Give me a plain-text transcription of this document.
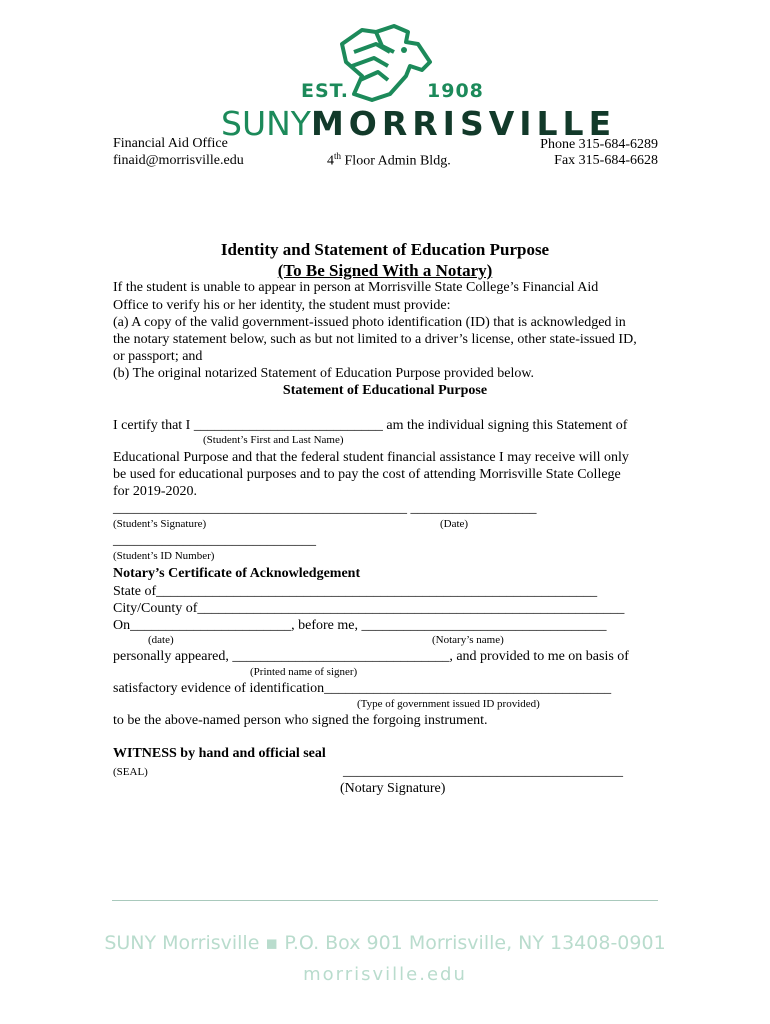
EST.	1908
SUNYMORRISVILLE
Financial Aid Office
finaid@morrisville.edu	4th Floor Admin Bldg.
Phone 315-684-6289
Fax 315-684-6628
Identity and Statement of Education Purpose
(To Be Signed With a Notary)
If the student is unable to appear in person at Morrisville State College’s Financial Aid
Office to verify his or her identity, the student must provide:
(a) A copy of the valid government-issued photo identification (ID) that is acknowledged in
the notary statement below, such as but not limited to a driver’s license, other state-issued ID,
or passport; and
(b) The original notarized Statement of Education Purpose provided below.
Statement of Educational Purpose
I certify that I ___________________________ am the individual signing this Statement of
(Student’s First and Last Name)
Educational Purpose and that the federal student financial assistance I may receive will only
be used for educational purposes and to pay the cost of attending Morrisville State College
for 2019-2020.
__________________________________________ __________________
(Student’s Signature)	(Date)
_____________________________
(Student’s ID Number)
Notary’s Certificate of Acknowledgement
State of_______________________________________________________________
City/County of_____________________________________________________________
On_______________________, before me, ___________________________________
(date)	(Notary’s name)
personally appeared, _______________________________, and provided to me on basis of
(Printed name of signer)
satisfactory evidence of identification_________________________________________
(Type of government issued ID provided)
to be the above-named person who signed the forgoing instrument.
WITNESS by hand and official seal
(SEAL)	________________________________________
(Notary Signature)
SUNY Morrisville ▪ P.O. Box 901 Morrisville, NY 13408-0901
morrisville.edu
